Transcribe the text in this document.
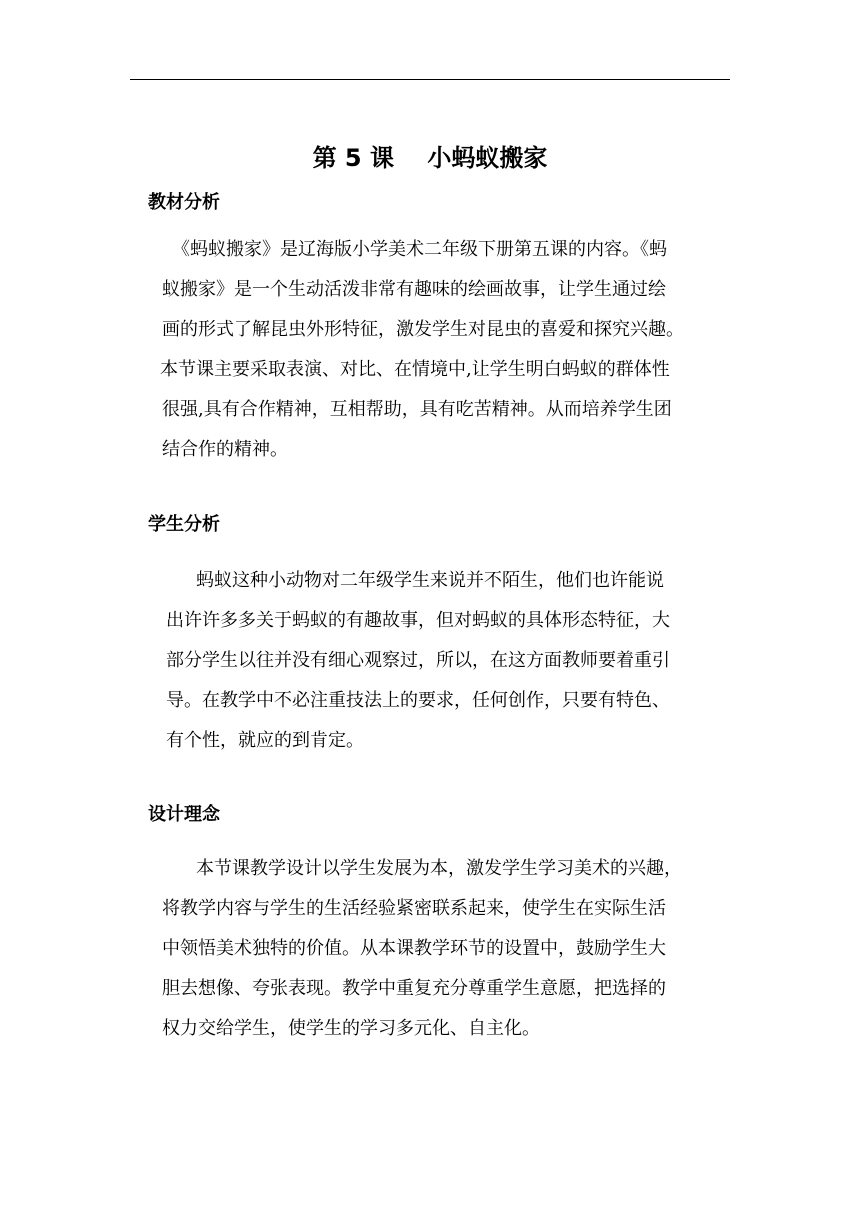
第 5 课    小蚂蚁搬家
教材分析
《蚂蚁搬家》是辽海版小学美术二年级下册第五课的内容。《蚂
蚁搬家》是一个生动活泼非常有趣味的绘画故事，让学生通过绘
画的形式了解昆虫外形特征，激发学生对昆虫的喜爱和探究兴趣。
本节课主要采取表演、对比、在情境中,让学生明白蚂蚁的群体性
很强,具有合作精神，互相帮助，具有吃苦精神。从而培养学生团
结合作的精神。
学生分析
蚂蚁这种小动物对二年级学生来说并不陌生，他们也许能说
出许许多多关于蚂蚁的有趣故事，但对蚂蚁的具体形态特征，大
部分学生以往并没有细心观察过，所以，在这方面教师要着重引
导。在教学中不必注重技法上的要求，任何创作，只要有特色、
有个性，就应的到肯定。
设计理念
本节课教学设计以学生发展为本，激发学生学习美术的兴趣，
将教学内容与学生的生活经验紧密联系起来，使学生在实际生活
中领悟美术独特的价值。从本课教学环节的设置中，鼓励学生大
胆去想像、夸张表现。教学中重复充分尊重学生意愿，把选择的
权力交给学生，使学生的学习多元化、自主化。
